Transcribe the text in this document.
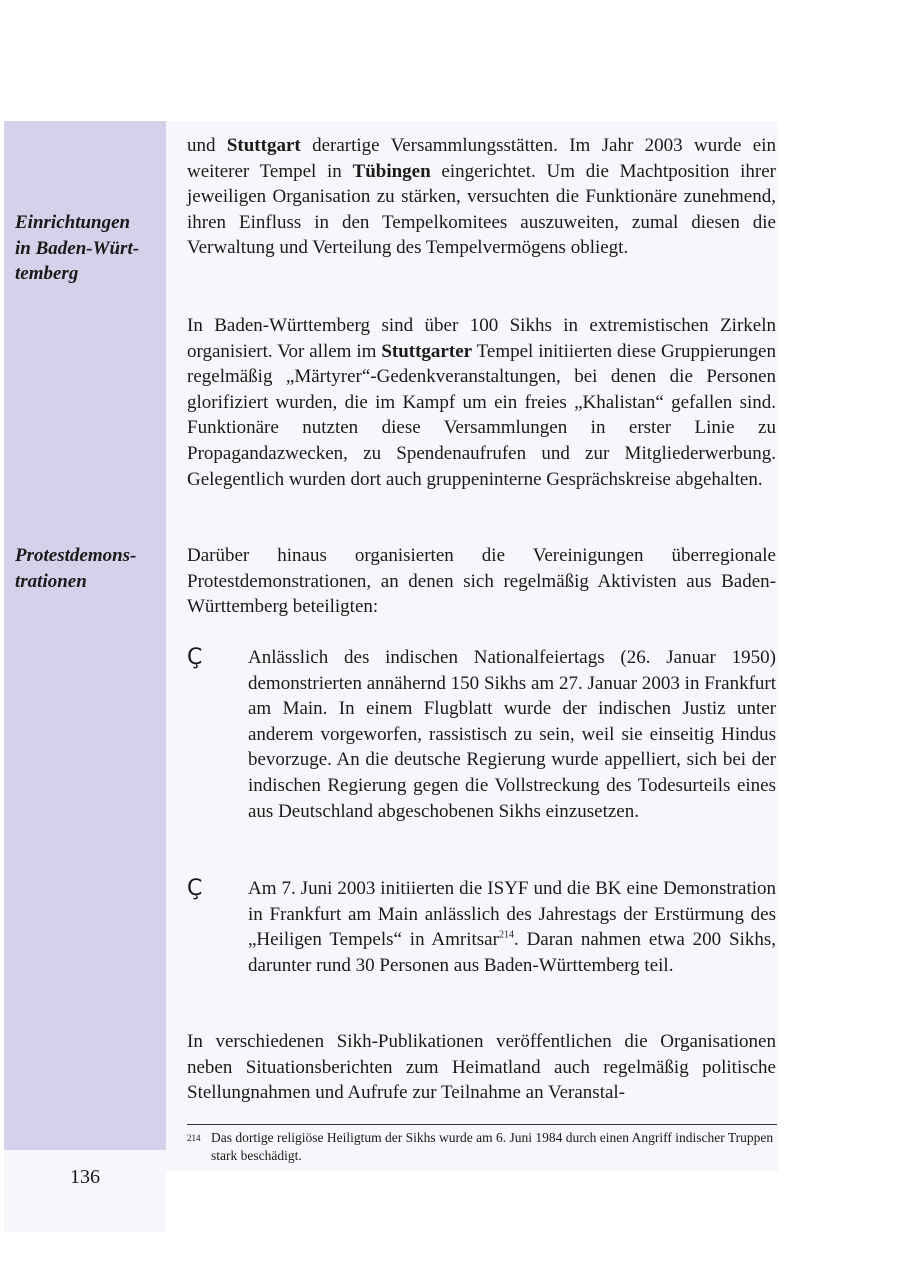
Einrichtungen
in Baden-Würt-
temberg
Protestdemons-
trationen

und Stuttgart derartige Versammlungsstätten. Im Jahr 2003 wurde ein weiterer Tempel in Tübingen eingerichtet. Um die Machtposition ihrer jeweiligen Organisation zu stärken, versuchten die Funktionäre zunehmend, ihren Einfluss in den Tempelkomitees auszuweiten, zumal diesen die Verwaltung und Verteilung des Tempelvermögens obliegt.

In Baden-Württemberg sind über 100 Sikhs in extremistischen Zirkeln organisiert. Vor allem im Stuttgarter Tempel initiierten diese Gruppierungen regelmäßig „Märtyrer“-Gedenkveranstaltungen, bei denen die Personen glorifiziert wurden, die im Kampf um ein freies „Khalistan“ gefallen sind. Funktionäre nutzten diese Versammlungen in erster Linie zu Propagandazwecken, zu Spendenaufrufen und zur Mitgliederwerbung. Gelegentlich wurden dort auch gruppeninterne Gesprächskreise abgehalten.

Darüber hinaus organisierten die Vereinigungen überregionale Protestdemonstrationen, an denen sich regelmäßig Aktivisten aus Baden-Württemberg beteiligten:

Ç Anlässlich des indischen Nationalfeiertags (26. Januar 1950) demonstrierten annähernd 150 Sikhs am 27. Januar 2003 in Frankfurt am Main. In einem Flugblatt wurde der indischen Justiz unter anderem vorgeworfen, rassistisch zu sein, weil sie einseitig Hindus bevorzuge. An die deutsche Regierung wurde appelliert, sich bei der indischen Regierung gegen die Vollstreckung des Todesurteils eines aus Deutschland abgeschobenen Sikhs einzusetzen.

Ç Am 7. Juni 2003 initiierten die ISYF und die BK eine Demonstration in Frankfurt am Main anlässlich des Jahrestags der Erstürmung des „Heiligen Tempels“ in Amritsar$^{214}$. Daran nahmen etwa 200 Sikhs, darunter rund 30 Personen aus Baden-Württemberg teil.

In verschiedenen Sikh-Publikationen veröffentlichen die Organisationen neben Situationsberichten zum Heimatland auch regelmäßig politische Stellungnahmen und Aufrufe zur Teilnahme an Veranstal-

214 Das dortige religiöse Heiligtum der Sikhs wurde am 6. Juni 1984 durch einen Angriff indischer Truppen stark beschädigt.

136
